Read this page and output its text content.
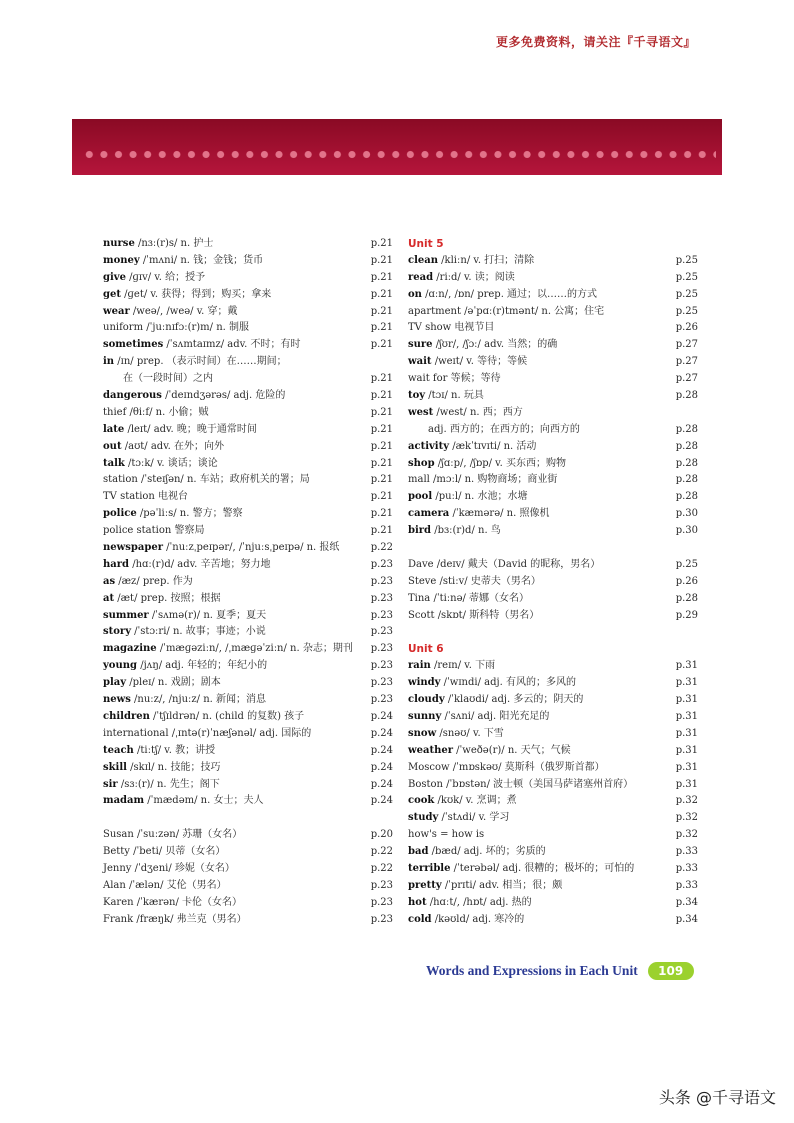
更多免费资料，请关注『千寻语文』
nurse /nɜː(r)s/ n. 护士	p.21
money /ˈmʌni/ n. 钱；金钱；货币	p.21
give /ɡɪv/ v. 给；授予	p.21
get /ɡet/ v. 获得；得到；购买；拿来	p.21
wear /weə/, /weə/ v. 穿；戴	p.21
uniform /ˈjuːnɪfɔː(r)m/ n. 制服	p.21
sometimes /ˈsʌmtaɪmz/ adv. 不时；有时	p.21
in /ɪn/ prep. （表示时间）在……期间；
在（一段时间）之内	p.21
dangerous /ˈdeɪndʒərəs/ adj. 危险的	p.21
thief /θiːf/ n. 小偷；贼	p.21
late /leɪt/ adv. 晚；晚于通常时间	p.21
out /aʊt/ adv. 在外；向外	p.21
talk /tɔːk/ v. 谈话；谈论	p.21
station /ˈsteɪʃən/ n. 车站；政府机关的署；局	p.21
TV station 电视台	p.21
police /pəˈliːs/ n. 警方；警察	p.21
police station 警察局	p.21
newspaper /ˈnuːzˌpeɪpər/, /ˈnjuːsˌpeɪpə/ n. 报纸	p.22
hard /hɑː(r)d/ adv. 辛苦地；努力地	p.23
as /æz/ prep. 作为	p.23
at /æt/ prep. 按照；根据	p.23
summer /ˈsʌmə(r)/ n. 夏季；夏天	p.23
story /ˈstɔːri/ n. 故事；事迹；小说	p.23
magazine /ˈmæɡəziːn/, /ˌmæɡəˈziːn/ n. 杂志；期刊 p.23
young /jʌŋ/ adj. 年轻的；年纪小的	p.23
play /pleɪ/ n. 戏剧；剧本	p.23
news /nuːz/, /njuːz/ n. 新闻；消息	p.23
children /ˈtʃɪldrən/ n. (child 的复数) 孩子	p.24
international /ˌɪntə(r)ˈnæʃənəl/ adj. 国际的	p.24
teach /tiːtʃ/ v. 教；讲授	p.24
skill /skɪl/ n. 技能；技巧	p.24
sir /sɜː(r)/ n. 先生；阁下	p.24
madam /ˈmædəm/ n. 女士；夫人	p.24
Susan /ˈsuːzən/ 苏珊（女名）	p.20
Betty /ˈbeti/ 贝蒂（女名）	p.22
Jenny /ˈdʒeni/ 珍妮（女名）	p.22
Alan /ˈælən/ 艾伦（男名）	p.23
Karen /ˈkærən/ 卡伦（女名）	p.23
Frank /fræŋk/ 弗兰克（男名）	p.23
Unit 5
clean /kliːn/ v. 打扫；清除	p.25
read /riːd/ v. 读；阅读	p.25
on /ɑːn/, /ɒn/ prep. 通过；以……的方式	p.25
apartment /əˈpɑː(r)tmənt/ n. 公寓；住宅	p.25
TV show 电视节目	p.26
sure /ʃʊr/, /ʃɔː/ adv. 当然；的确	p.27
wait /weɪt/ v. 等待；等候	p.27
wait for 等候；等待	p.27
toy /tɔɪ/ n. 玩具	p.28
west /west/ n. 西；西方
adj. 西方的；在西方的；向西方的	p.28
activity /ækˈtɪvɪti/ n. 活动	p.28
shop /ʃɑːp/, /ʃɒp/ v. 买东西；购物	p.28
mall /mɔːl/ n. 购物商场；商业街	p.28
pool /puːl/ n. 水池；水塘	p.28
camera /ˈkæmərə/ n. 照像机	p.30
bird /bɜː(r)d/ n. 鸟	p.30
Dave /deɪv/ 戴夫（David 的昵称，男名）	p.25
Steve /stiːv/ 史蒂夫（男名）	p.26
Tina /ˈtiːnə/ 蒂娜（女名）	p.28
Scott /skɒt/ 斯科特（男名）	p.29
Unit 6
rain /reɪn/ v. 下雨	p.31
windy /ˈwɪndi/ adj. 有风的；多风的	p.31
cloudy /ˈklaʊdi/ adj. 多云的；阴天的	p.31
sunny /ˈsʌni/ adj. 阳光充足的	p.31
snow /snəʊ/ v. 下雪	p.31
weather /ˈweðə(r)/ n. 天气；气候	p.31
Moscow /ˈmɒskəʊ/ 莫斯科（俄罗斯首都）	p.31
Boston /ˈbɒstən/ 波士顿（美国马萨诸塞州首府）	p.31
cook /kʊk/ v. 烹调；煮	p.32
study /ˈstʌdi/ v. 学习	p.32
how's = how is	p.32
bad /bæd/ adj. 坏的；劣质的	p.33
terrible /ˈterəbəl/ adj. 很糟的；极坏的；可怕的	p.33
pretty /ˈprɪti/ adv. 相当；很；颇	p.33
hot /hɑːt/, /hɒt/ adj. 热的	p.34
cold /kəʊld/ adj. 寒冷的	p.34
Words and Expressions in Each Unit	109
头条 @千寻语文
